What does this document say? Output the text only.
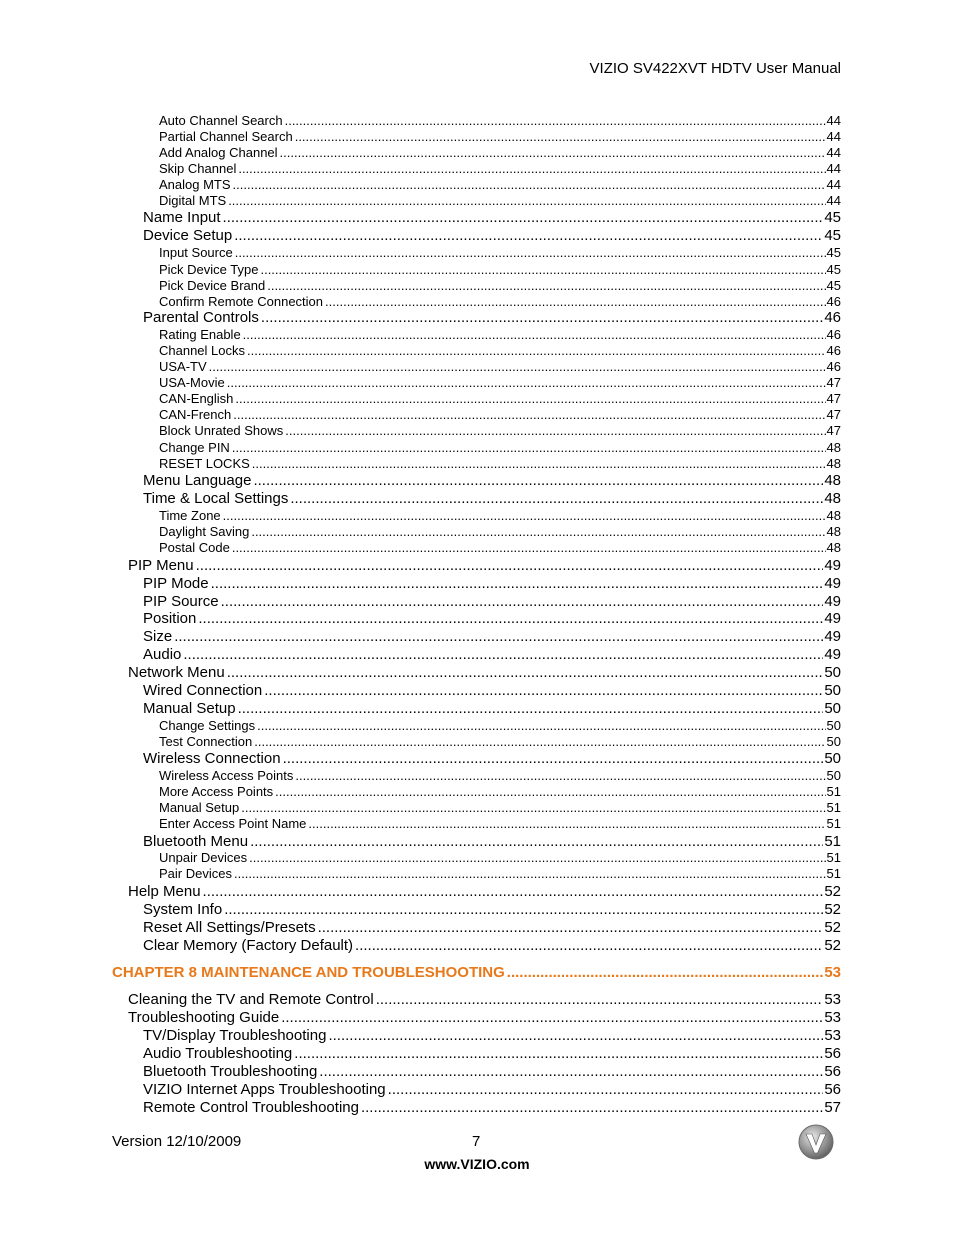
VIZIO SV422XVT HDTV User Manual
Auto Channel Search .....	44
Partial Channel Search .....	44
Add Analog Channel .....	44
Skip Channel .....	44
Analog MTS .....	44
Digital MTS .....	44
Name Input .....	45
Device Setup .....	45
Input Source .....	45
Pick Device Type .....	45
Pick Device Brand .....	45
Confirm Remote Connection .....	46
Parental Controls .....	46
Rating Enable .....	46
Channel Locks .....	46
USA-TV .....	46
USA-Movie .....	47
CAN-English .....	47
CAN-French .....	47
Block Unrated Shows .....	47
Change PIN .....	48
RESET LOCKS .....	48
Menu Language .....	48
Time & Local Settings .....	48
Time Zone .....	48
Daylight Saving .....	48
Postal Code .....	48
PIP Menu .....	49
PIP Mode .....	49
PIP Source .....	49
Position .....	49
Size .....	49
Audio .....	49
Network Menu .....	50
Wired Connection .....	50
Manual Setup .....	50
Change Settings .....	50
Test Connection .....	50
Wireless Connection .....	50
Wireless Access Points .....	50
More Access Points .....	51
Manual Setup .....	51
Enter Access Point Name .....	51
Bluetooth Menu .....	51
Unpair Devices .....	51
Pair Devices .....	51
Help Menu .....	52
System Info .....	52
Reset All Settings/Presets .....	52
Clear Memory (Factory Default) .....	52
CHAPTER 8 MAINTENANCE AND TROUBLESHOOTING .....	53
Cleaning the TV and Remote Control .....	53
Troubleshooting Guide .....	53
TV/Display Troubleshooting .....	53
Audio Troubleshooting .....	56
Bluetooth Troubleshooting .....	56
VIZIO Internet Apps Troubleshooting .....	56
Remote Control Troubleshooting .....	57
Version 12/10/2009	7
www.VIZIO.com
